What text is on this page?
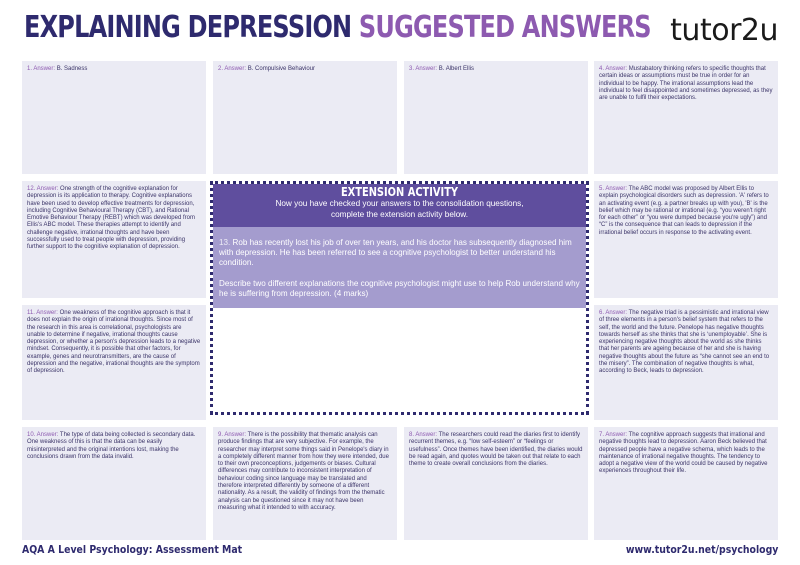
EXPLAINING DEPRESSION SUGGESTED ANSWERS tutor2u
1. Answer: B. Sadness	2. Answer: B. Compulsive Behaviour	3. Answer: B. Albert Ellis	4. Answer: Mustabatory thinking refers to specific thoughts that certain ideas or assumptions must be true in order for an individual to be happy. The irrational assumptions lead the individual to feel disappointed and sometimes depressed, as they are unable to fulfil their expectations.
12. Answer: One strength of the cognitive explanation for depression is its application to therapy. Cognitive explanations have been used to develop effective treatments for depression, including Cognitive Behavioural Therapy (CBT), and Rational Emotive Behaviour Therapy (REBT) which was developed from Ellis's ABC model. These therapies attempt to identify and challenge negative, irrational thoughts and have been successfully used to treat people with depression, providing further support to the cognitive explanation of depression.
5. Answer: The ABC model was proposed by Albert Ellis to explain psychological disorders such as depression. 'A' refers to an activating event (e.g. a partner breaks up with you), 'B' is the belief which may be rational or irrational (e.g. “you weren't right for each other” or “you were dumped because you're ugly”) and “C” is the consequence that can leads to depression if the irrational belief occurs in response to the activating event.
11. Answer: One weakness of the cognitive approach is that it does not explain the origin of irrational thoughts. Since most of the research in this area is correlational, psychologists are unable to determine if negative, irrational thoughts cause depression, or whether a person's depression leads to a negative mindset. Consequently, it is possible that other factors, for example, genes and neurotransmitters, are the cause of depression and the negative, irrational thoughts are the symptom of depression.
6. Answer: The negative triad is a pessimistic and irrational view of three elements in a person's belief system that refers to the self, the world and the future. Penelope has negative thoughts towards herself as she thinks that she is ‘unemployable’. She is experiencing negative thoughts about the world as she thinks that her parents are ageing because of her and she is having negative thoughts about the future as “she cannot see an end to the misery”. The combination of negative thoughts is what, according to Beck, leads to depression.
10. Answer: The type of data being collected is secondary data. One weakness of this is that the data can be easily misinterpreted and the original intentions lost, making the conclusions drawn from the data invalid.
9. Answer: There is the possibility that thematic analysis can produce findings that are very subjective. For example, the researcher may interpret some things said in Penelope's diary in a completely different manner from how they were intended, due to their own preconceptions, judgements or biases. Cultural differences may contribute to inconsistent interpretation of behaviour coding since language may be translated and therefore interpreted differently by someone of a different nationality. As a result, the validity of findings from the thematic analysis can be questioned since it may not have been measuring what it intended to with accuracy.
8. Answer: The researchers could read the diaries first to identify recurrent themes, e.g. “low self-esteem” or “feelings or usefulness”. Once themes have been identified, the diaries would be read again, and quotes would be taken out that relate to each theme to create overall conclusions from the diaries.
7. Answer: The cognitive approach suggests that irrational and negative thoughts lead to depression. Aaron Beck believed that depressed people have a negative schema, which leads to the maintenance of irrational negative thoughts. The tendency to adopt a negative view of the world could be caused by negative experiences throughout their life.
EXTENSION ACTIVITY
Now you have checked your answers to the consolidation questions,
complete the extension activity below.

13. Rob has recently lost his job of over ten years, and his doctor has subsequently diagnosed him with depression. He has been referred to see a cognitive psychologist to better understand his condition.

Describe two different explanations the cognitive psychologist might use to help Rob understand why he is suffering from depression. (4 marks)

AQA A Level Psychology: Assessment Mat	www.tutor2u.net/psychology
